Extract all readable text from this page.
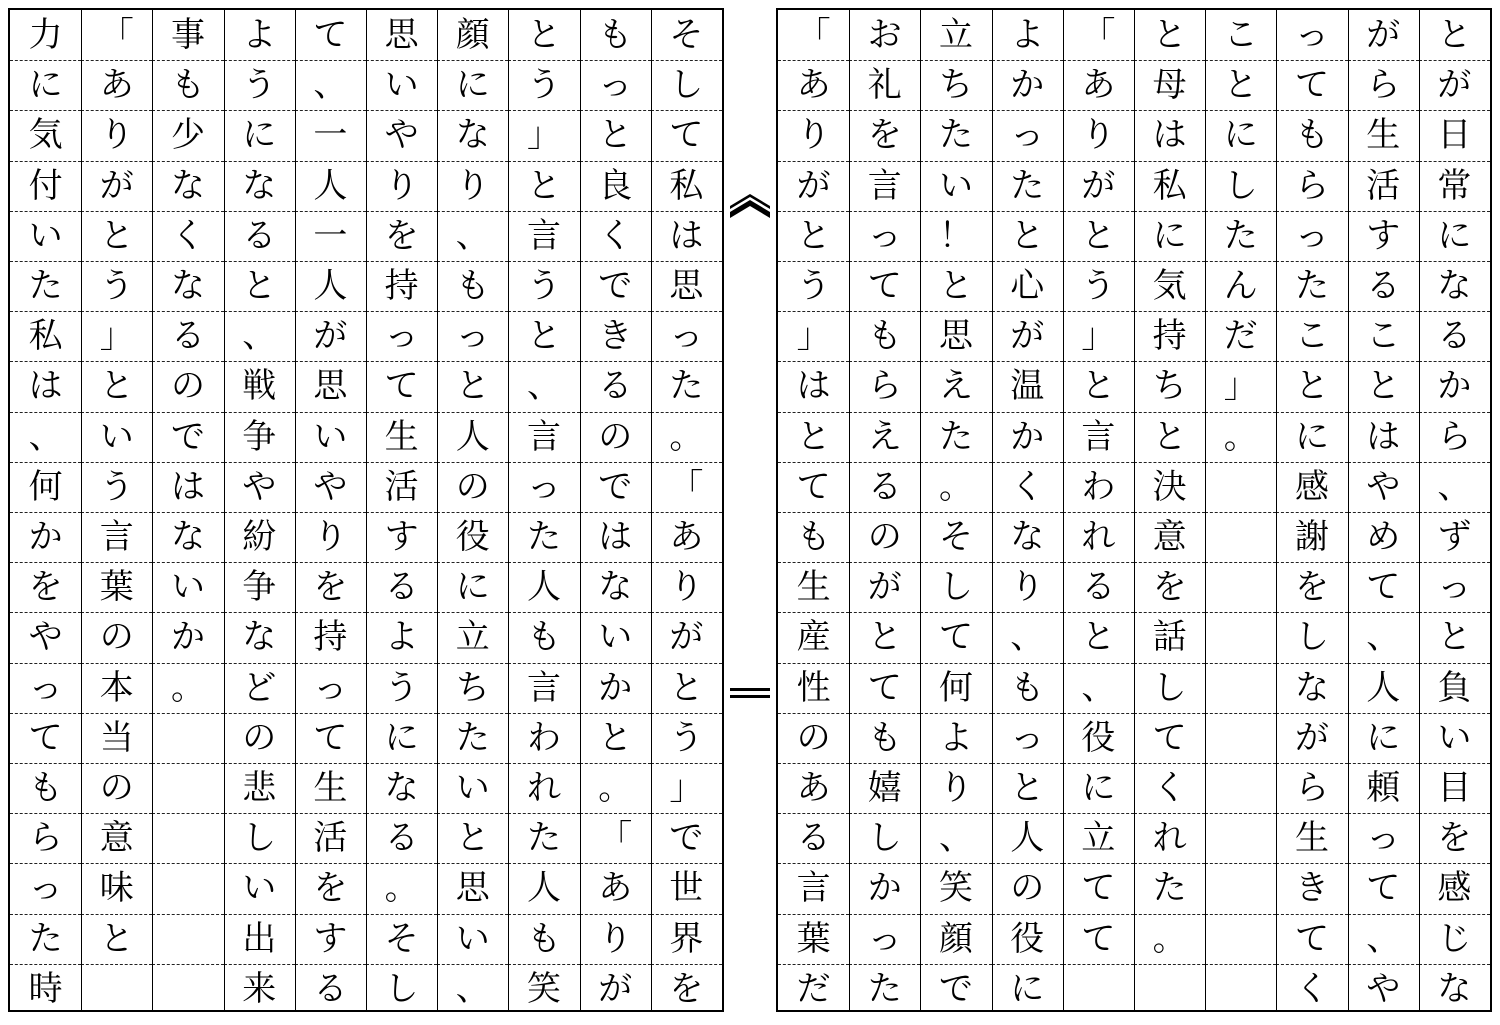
と
が
日
常
に
な
る
か
ら
、
ず
っ
と
負
い
目
を
感
じ
な
が
ら
生
活
す
る
こ
と
は
や
め
て
、
人
に
頼
っ
て
、
や
っ
て
も
ら
っ
た
こ
と
に
感
謝
を
し
な
が
ら
生
き
て
く
こ
と
に
し
た
ん
だ
」
。
と
母
は
私
に
気
持
ち
と
決
意
を
話
し
て
く
れ
た
。
「
あ
り
が
と
う
」
と
言
わ
れ
る
と
、
役
に
立
て
て
よ
か
っ
た
と
心
が
温
か
く
な
り
、
も
っ
と
人
の
役
に
立
ち
た
い
！
と
思
え
た
。
そ
し
て
何
よ
り
、
笑
顔
で
お
礼
を
言
っ
て
も
ら
え
る
の
が
と
て
も
嬉
し
か
っ
た
「
あ
り
が
と
う
」
は
と
て
も
生
産
性
の
あ
る
言
葉
だ
そ
し
て
私
は
思
っ
た
。
「
あ
り
が
と
う
」
で
世
界
を
も
っ
と
良
く
で
き
る
の
で
は
な
い
か
と
。
「
あ
り
が
と
う
」
と
言
う
と
、
言
っ
た
人
も
言
わ
れ
た
人
も
笑
顔
に
な
り
、
も
っ
と
人
の
役
に
立
ち
た
い
と
思
い
、
思
い
や
り
を
持
っ
て
生
活
す
る
よ
う
に
な
る
。
そ
し
て
、
一
人
一
人
が
思
い
や
り
を
持
っ
て
生
活
を
す
る
よ
う
に
な
る
と
、
戦
争
や
紛
争
な
ど
の
悲
し
い
出
来
事
も
少
な
く
な
る
の
で
は
な
い
か
。
「
あ
り
が
と
う
」
と
い
う
言
葉
の
本
当
の
意
味
と
力
に
気
付
い
た
私
は
、
何
か
を
や
っ
て
も
ら
っ
た
時
